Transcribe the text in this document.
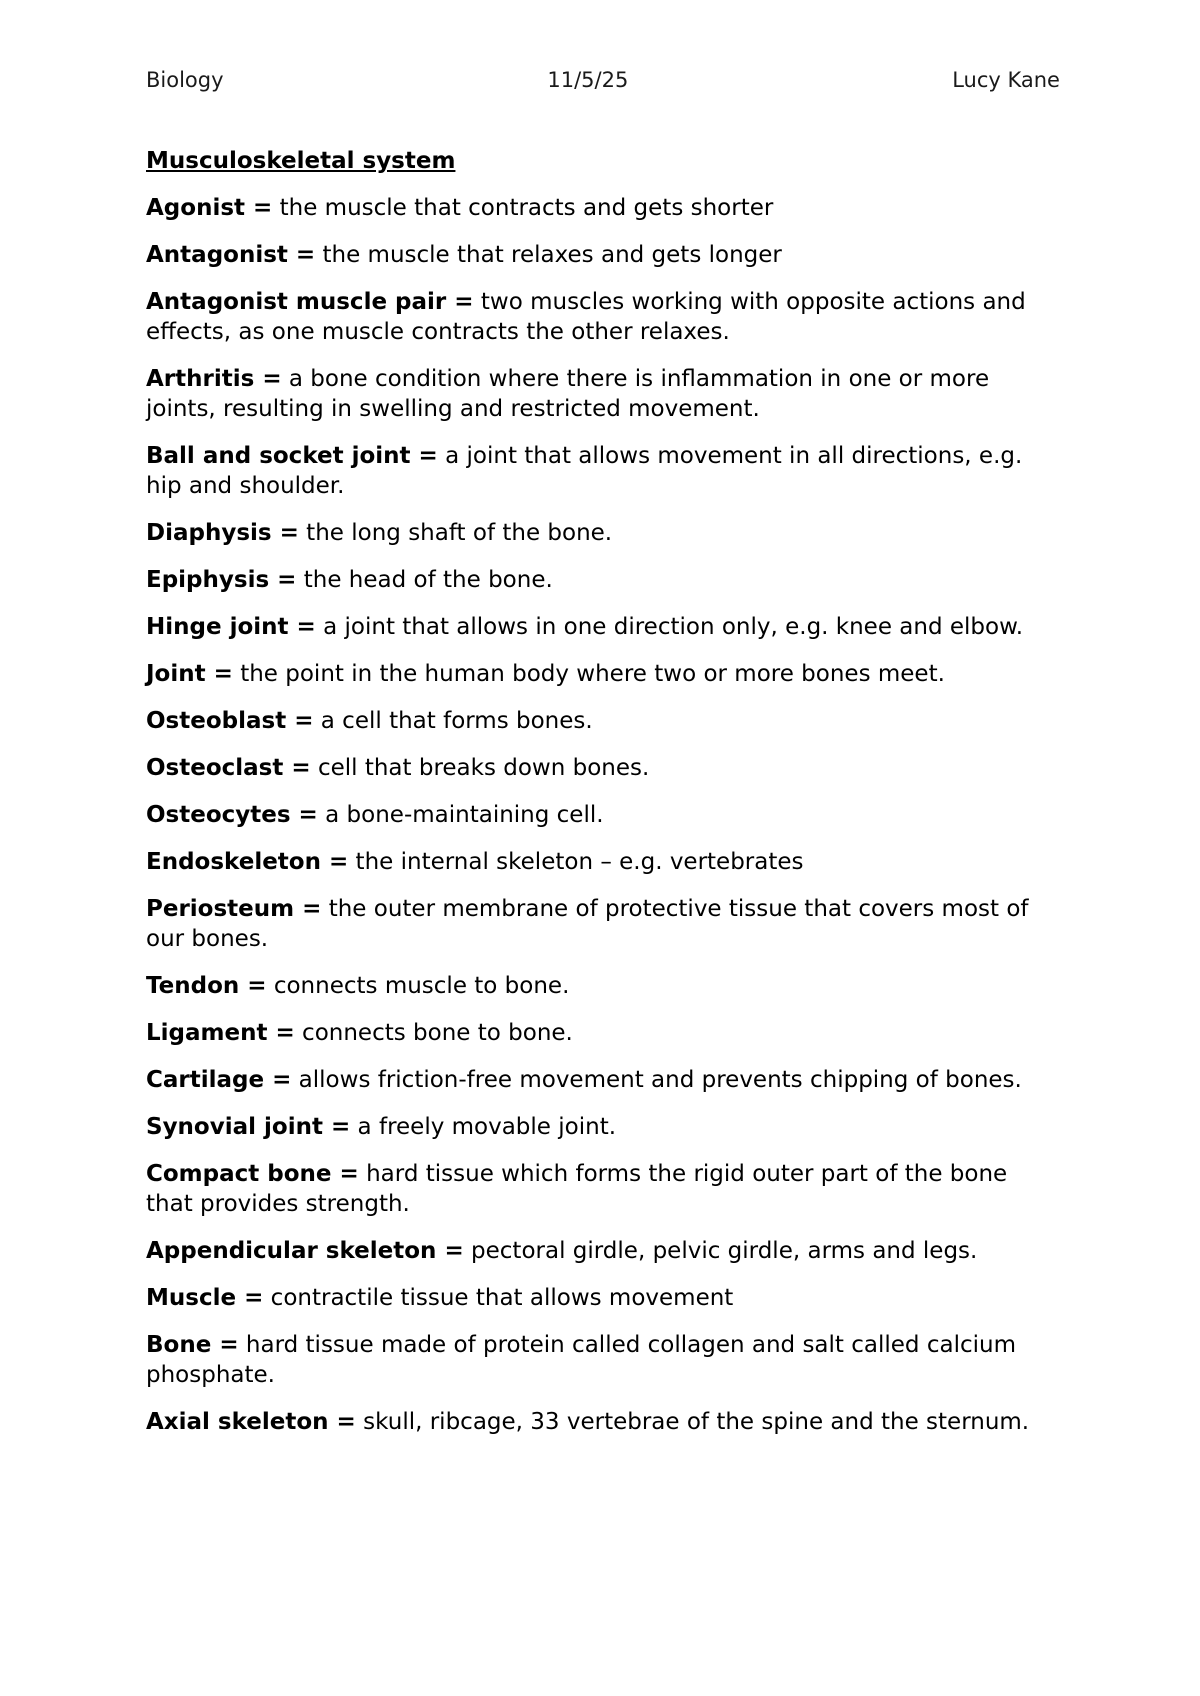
Biology	11/5/25	Lucy Kane
Musculoskeletal system
Agonist = the muscle that contracts and gets shorter
Antagonist = the muscle that relaxes and gets longer
Antagonist muscle pair = two muscles working with opposite actions and effects, as one muscle contracts the other relaxes.
Arthritis = a bone condition where there is inflammation in one or more joints, resulting in swelling and restricted movement.
Ball and socket joint = a joint that allows movement in all directions, e.g. hip and shoulder.
Diaphysis = the long shaft of the bone.
Epiphysis = the head of the bone.
Hinge joint = a joint that allows in one direction only, e.g. knee and elbow.
Joint = the point in the human body where two or more bones meet.
Osteoblast = a cell that forms bones.
Osteoclast = cell that breaks down bones.
Osteocytes = a bone-maintaining cell.
Endoskeleton = the internal skeleton – e.g. vertebrates
Periosteum = the outer membrane of protective tissue that covers most of our bones.
Tendon = connects muscle to bone.
Ligament = connects bone to bone.
Cartilage = allows friction-free movement and prevents chipping of bones.
Synovial joint = a freely movable joint.
Compact bone = hard tissue which forms the rigid outer part of the bone that provides strength.
Appendicular skeleton = pectoral girdle, pelvic girdle, arms and legs.
Muscle = contractile tissue that allows movement
Bone = hard tissue made of protein called collagen and salt called calcium phosphate.
Axial skeleton = skull, ribcage, 33 vertebrae of the spine and the sternum.
